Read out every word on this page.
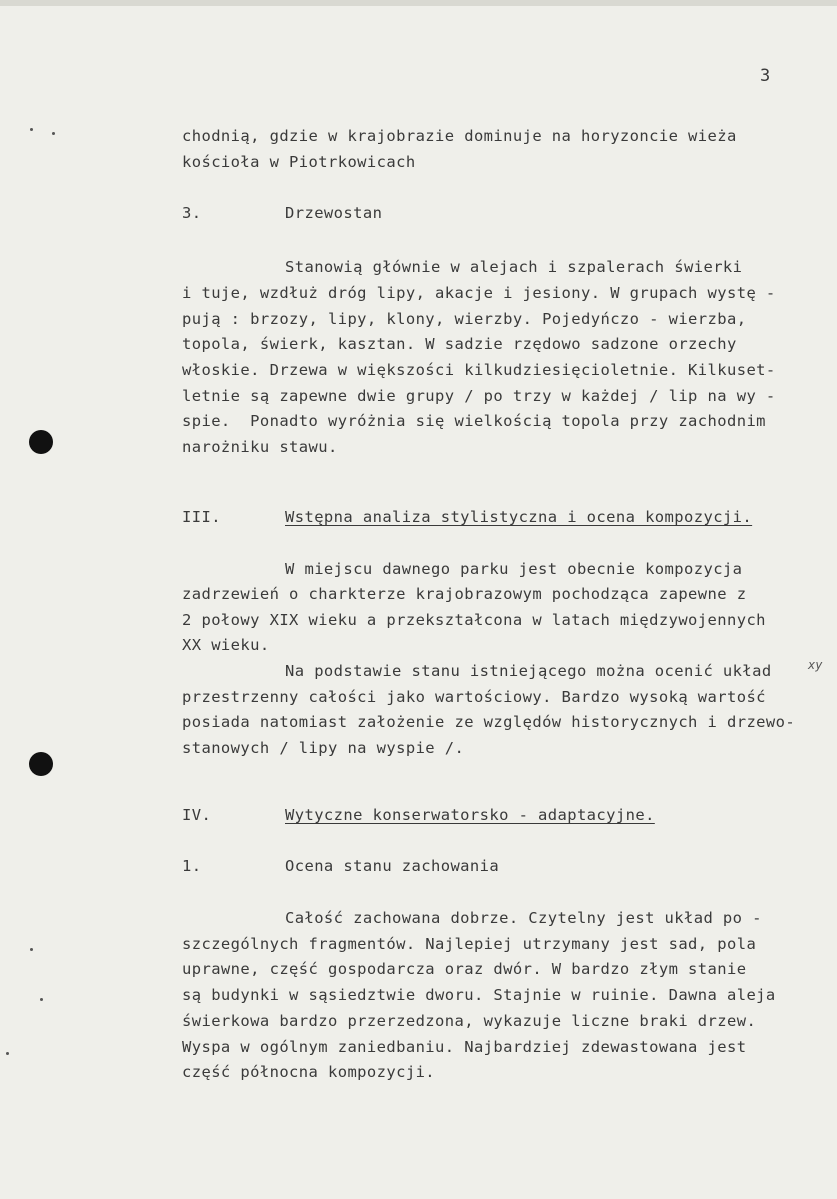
3
chodnią, gdzie w krajobrazie dominuje na horyzoncie wieża
kościoła w Piotrkowicach
3.	Drzewostan
Stanowią głównie w alejach i szpalerach świerki
i tuje, wzdłuż dróg lipy, akacje i jesiony. W grupach wystę -
pują : brzozy, lipy, klony, wierzby. Pojedyńczo - wierzba,
topola, świerk, kasztan. W sadzie rzędowo sadzone orzechy
włoskie. Drzewa w większości kilkudziesięcioletnie. Kilkuset-
letnie są zapewne dwie grupy / po trzy w każdej / lip na wy -
spie.  Ponadto wyróżnia się wielkością topola przy zachodnim
narożniku stawu.
III.	Wstępna analiza stylistyczna i ocena kompozycji.
W miejscu dawnego parku jest obecnie kompozycja
zadrzewień o charkterze krajobrazowym pochodząca zapewne z
2 połowy XIX wieku a przekształcona w latach międzywojennych
XX wieku.
Na podstawie stanu istniejącego można ocenić układ	xy
przestrzenny całości jako wartościowy. Bardzo wysoką wartość
posiada natomiast założenie ze względów historycznych i drzewo-
stanowych / lipy na wyspie /.
IV.	Wytyczne konserwatorsko - adaptacyjne.
1.	Ocena stanu zachowania
Całość zachowana dobrze. Czytelny jest układ po -
szczególnych fragmentów. Najlepiej utrzymany jest sad, pola
uprawne, część gospodarcza oraz dwór. W bardzo złym stanie
są budynki w sąsiedztwie dworu. Stajnie w ruinie. Dawna aleja
świerkowa bardzo przerzedzona, wykazuje liczne braki drzew.
Wyspa w ogólnym zaniedbaniu. Najbardziej zdewastowana jest
część północna kompozycji.
